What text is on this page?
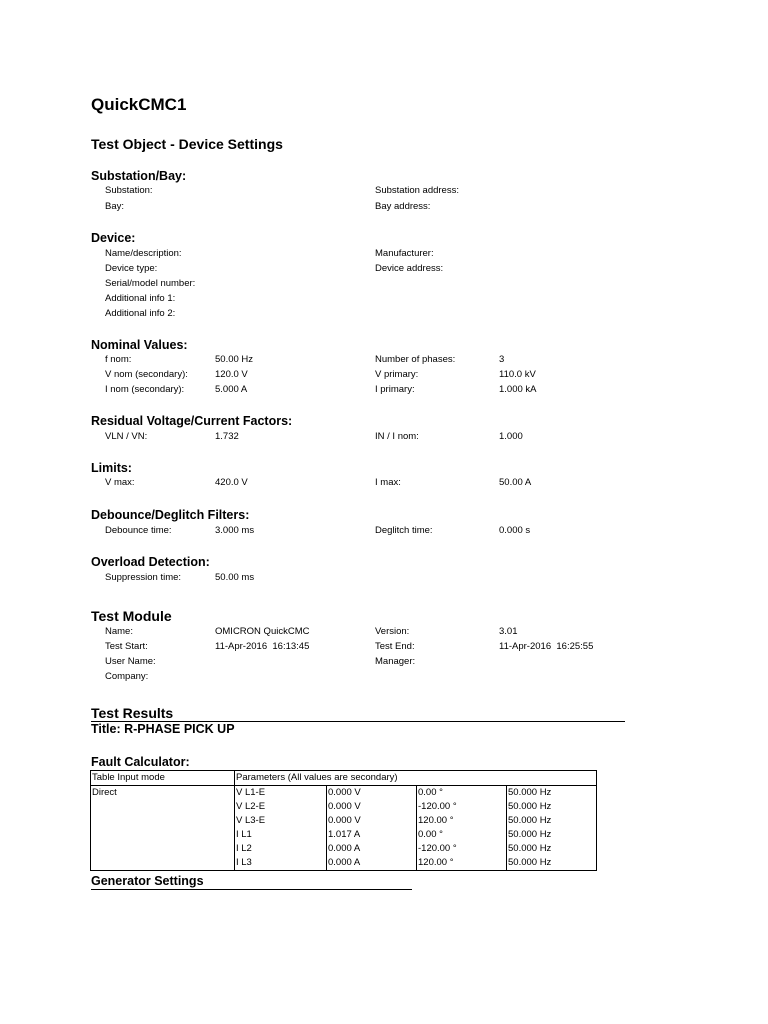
QuickCMC1
Test Object - Device Settings
Substation/Bay:
Substation:	Substation address:
Bay:	Bay address:
Device:
Name/description:	Manufacturer:
Device type:	Device address:
Serial/model number:
Additional info 1:
Additional info 2:
Nominal Values:
f nom:	50.00 Hz	Number of phases:	3
V nom (secondary):	120.0 V	V primary:	110.0 kV
I nom (secondary):	5.000 A	I primary:	1.000 kA
Residual Voltage/Current Factors:
VLN / VN:	1.732	IN / I nom:	1.000
Limits:
V max:	420.0 V	I max:	50.00 A
Debounce/Deglitch Filters:
Debounce time:	3.000 ms	Deglitch time:	0.000 s
Overload Detection:
Suppression time:	50.00 ms
Test Module
Name:	OMICRON QuickCMC	Version:	3.01
Test Start:	11-Apr-2016  16:13:45	Test End:	11-Apr-2016  16:25:55
User Name:	Manager:
Company:
Test Results
Title: R-PHASE PICK UP
Fault Calculator:
Table Input mode	Parameters (All values are secondary)			
Direct	V L1-E	0.000 V	0.00 °	50.000 Hz
	V L2-E	0.000 V	-120.00 °	50.000 Hz
	V L3-E	0.000 V	120.00 °	50.000 Hz
	I L1	1.017 A	0.00 °	50.000 Hz
	I L2	0.000 A	-120.00 °	50.000 Hz
	I L3	0.000 A	120.00 °	50.000 Hz
Generator Settings
